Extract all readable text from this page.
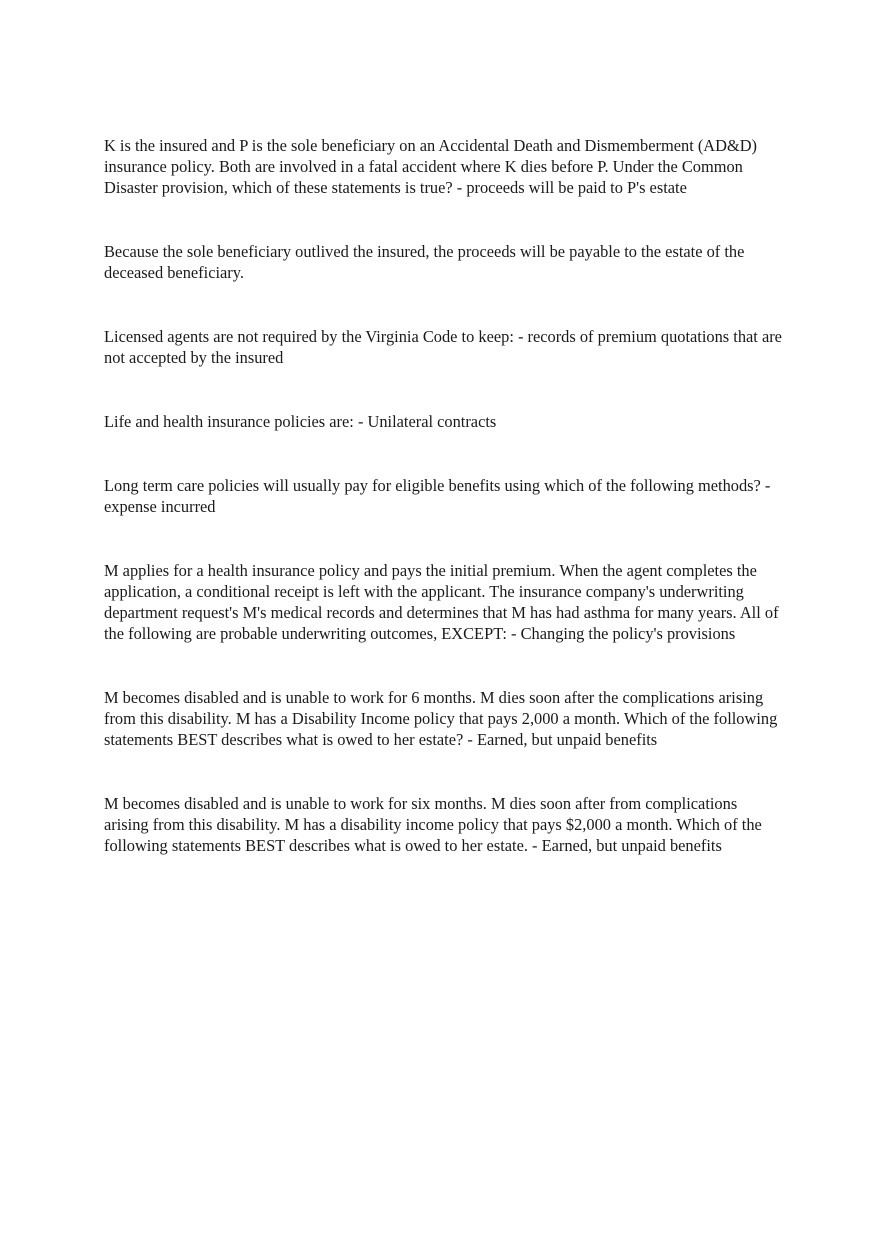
K is the insured and P is the sole beneficiary on an Accidental Death and Dismemberment (AD&D) insurance policy. Both are involved in a fatal accident where K dies before P. Under the Common Disaster provision, which of these statements is true? - proceeds will be paid to P's estate

Because the sole beneficiary outlived the insured, the proceeds will be payable to the estate of the deceased beneficiary.

Licensed agents are not required by the Virginia Code to keep: - records of premium quotations that are not accepted by the insured

Life and health insurance policies are: - Unilateral contracts

Long term care policies will usually pay for eligible benefits using which of the following methods? - expense incurred

M applies for a health insurance policy and pays the initial premium. When the agent completes the application, a conditional receipt is left with the applicant. The insurance company's underwriting department request's M's medical records and determines that M has had asthma for many years. All of the following are probable underwriting outcomes, EXCEPT: - Changing the policy's provisions

M becomes disabled and is unable to work for 6 months. M dies soon after the complications arising from this disability. M has a Disability Income policy that pays 2,000 a month. Which of the following statements BEST describes what is owed to her estate? - Earned, but unpaid benefits

M becomes disabled and is unable to work for six months. M dies soon after from complications arising from this disability. M has a disability income policy that pays $2,000 a month. Which of the following statements BEST describes what is owed to her estate. - Earned, but unpaid benefits
